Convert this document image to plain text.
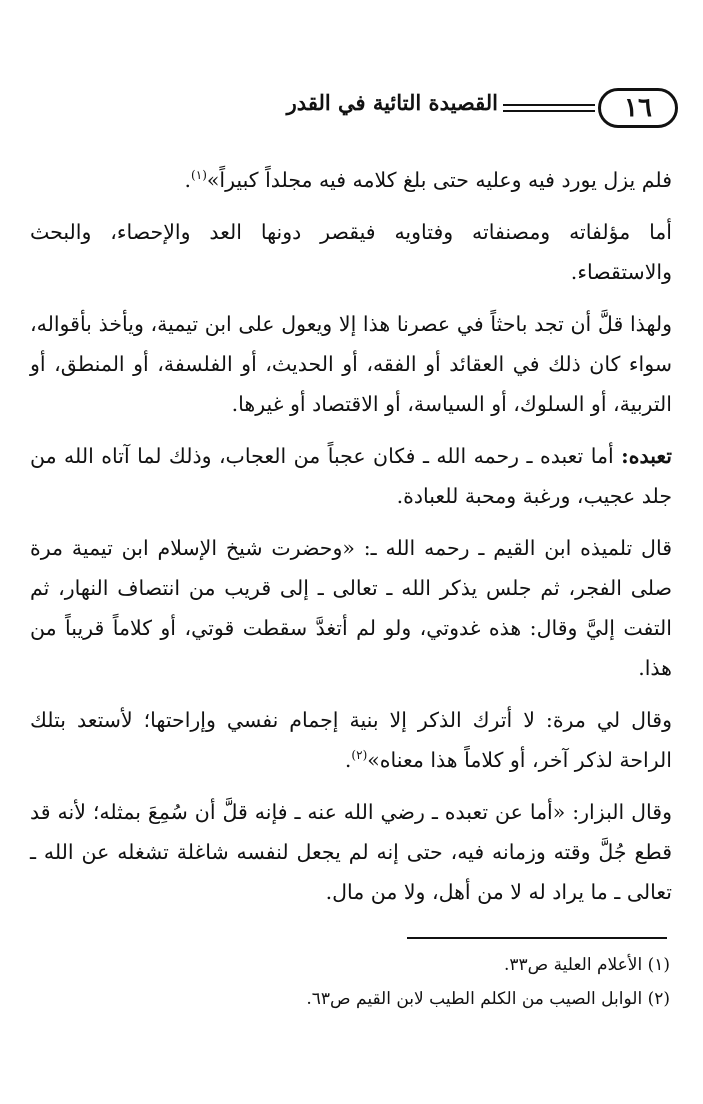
١٦
القصيدة التائية في القدر

فلم يزل يورد فيه وعليه حتى بلغ كلامه فيه مجلداً كبيراً»$^{(١)}$.

أما مؤلفاته ومصنفاته وفتاويه فيقصر دونها العد والإحصاء، والبحث والاستقصاء.

ولهذا قلَّ أن تجد باحثاً في عصرنا هذا إلا ويعول على ابن تيمية، ويأخذ بأقواله، سواء كان ذلك في العقائد أو الفقه، أو الحديث، أو الفلسفة، أو المنطق، أو التربية، أو السلوك، أو السياسة، أو الاقتصاد أو غيرها.

تعبده: أما تعبده ـ رحمه الله ـ فكان عجباً من العجاب، وذلك لما آتاه الله من جلد عجيب، ورغبة ومحبة للعبادة.

قال تلميذه ابن القيم ـ رحمه الله ـ: «وحضرت شيخ الإسلام ابن تيمية مرة صلى الفجر، ثم جلس يذكر الله ـ تعالى ـ إلى قريب من انتصاف النهار، ثم التفت إليَّ وقال: هذه غدوتي، ولو لم أتغدَّ سقطت قوتي، أو كلاماً قريباً من هذا.

وقال لي مرة: لا أترك الذكر إلا بنية إجمام نفسي وإراحتها؛ لأستعد بتلك الراحة لذكر آخر، أو كلاماً هذا معناه»$^{(٢)}$.

وقال البزار: «أما عن تعبده ـ رضي الله عنه ـ فإنه قلَّ أن سُمِعَ بمثله؛ لأنه قد قطع جُلَّ وقته وزمانه فيه، حتى إنه لم يجعل لنفسه شاغلة تشغله عن الله ـ تعالى ـ ما يراد له لا من أهل، ولا من مال.

(١) الأعلام العلية ص٣٣.

(٢) الوابل الصيب من الكلم الطيب لابن القيم ص٦٣.
